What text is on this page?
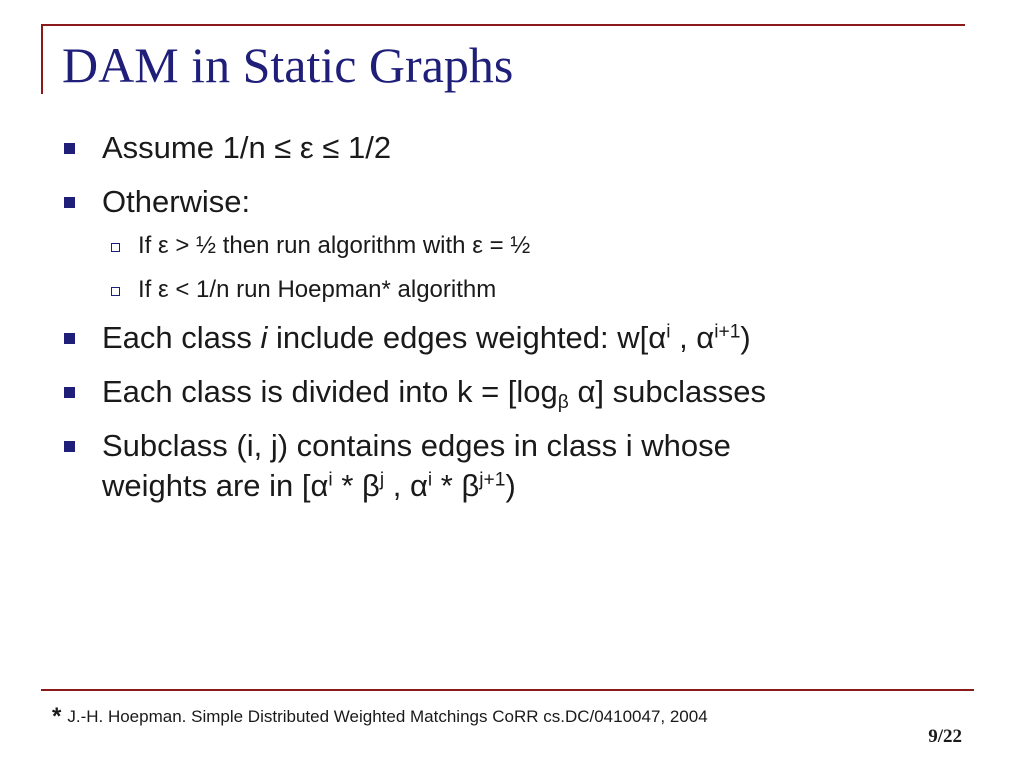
DAM in Static Graphs
Assume 1/n ≤ ε ≤ 1/2
Otherwise:
If ε > ½ then run algorithm with ε = ½
If ε < 1/n run Hoepman* algorithm
Each class i include edges weighted: $w[\alpha^i$ , $\alpha^{i+1}$)
Each class is divided into $k = [\log_\beta$ α] subclasses
Subclass (i, j) contains edges in class i whose
weights are in [$\alpha^i * \beta^j$ , $\alpha^i * \beta^{j+1}$)
* J.-H. Hoepman. Simple Distributed Weighted Matchings CoRR cs.DC/0410047, 2004
9/22
